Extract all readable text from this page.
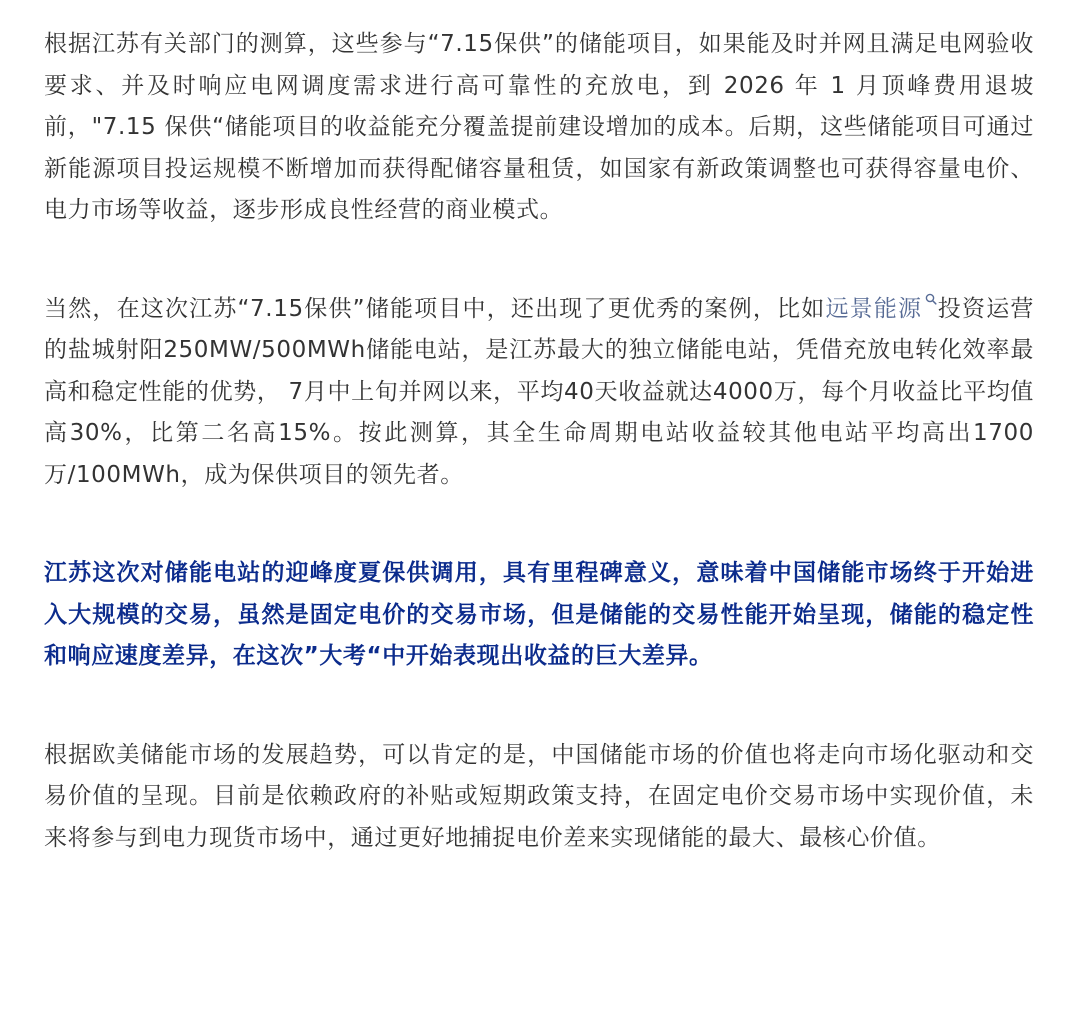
根据江苏有关部门的测算，这些参与“7.15保供”的储能项目，如果能及时并网且满足电网验收要求、并及时响应电网调度需求进行高可靠性的充放电，到 2026 年 1 月顶峰费用退坡前，"7.15 保供“储能项目的收益能充分覆盖提前建设增加的成本。后期，这些储能项目可通过新能源项目投运规模不断增加而获得配储容量租赁，如国家有新政策调整也可获得容量电价、电力市场等收益，逐步形成良性经营的商业模式。

当然，在这次江苏“7.15保供”储能项目中，还出现了更优秀的案例，比如远景能源 投资运营的盐城射阳250MW/500MWh储能电站，是江苏最大的独立储能电站，凭借充放电转化效率最高和稳定性能的优势， 7月中上旬并网以来，平均40天收益就达4000万，每个月收益比平均值高30%，比第二名高15%。按此测算，其全生命周期电站收益较其他电站平均高出1700万/100MWh，成为保供项目的领先者。

江苏这次对储能电站的迎峰度夏保供调用，具有里程碑意义，意味着中国储能市场终于开始进入大规模的交易，虽然是固定电价的交易市场，但是储能的交易性能开始呈现，储能的稳定性和响应速度差异，在这次”大考“中开始表现出收益的巨大差异。

根据欧美储能市场的发展趋势，可以肯定的是，中国储能市场的价值也将走向市场化驱动和交易价值的呈现。目前是依赖政府的补贴或短期政策支持，在固定电价交易市场中实现价值，未来将参与到电力现货市场中，通过更好地捕捉电价差来实现储能的最大、最核心价值。
